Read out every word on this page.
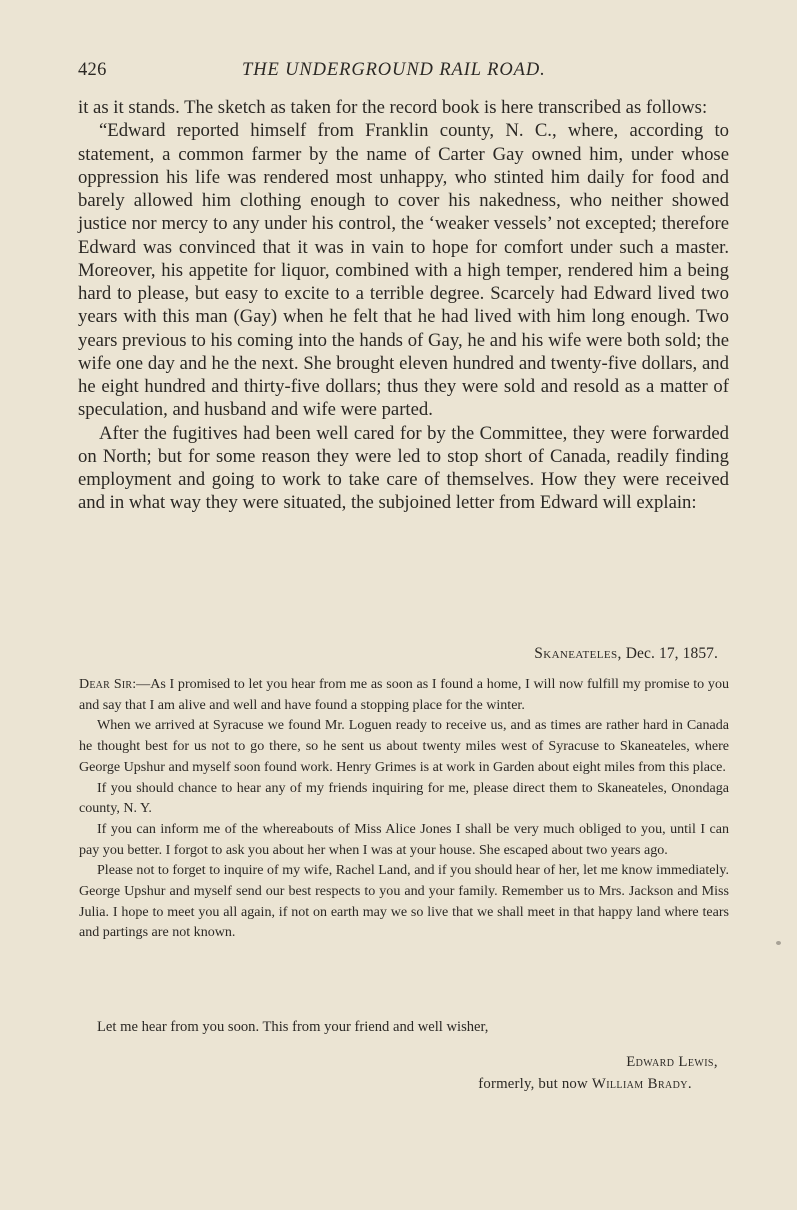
426	THE UNDERGROUND RAIL ROAD.

it as it stands. The sketch as taken for the record book is here transcribed as follows:

“Edward reported himself from Franklin county, N. C., where, according to statement, a common farmer by the name of Carter Gay owned him, under whose oppression his life was rendered most unhappy, who stinted him daily for food and barely allowed him clothing enough to cover his nakedness, who neither showed justice nor mercy to any under his control, the ‘weaker vessels’ not excepted; therefore Edward was convinced that it was in vain to hope for comfort under such a master. Moreover, his appetite for liquor, combined with a high temper, rendered him a being hard to please, but easy to excite to a terrible degree. Scarcely had Edward lived two years with this man (Gay) when he felt that he had lived with him long enough. Two years previous to his coming into the hands of Gay, he and his wife were both sold; the wife one day and he the next. She brought eleven hundred and twenty-five dollars, and he eight hundred and thirty-five dollars; thus they were sold and resold as a matter of speculation, and husband and wife were parted.

After the fugitives had been well cared for by the Committee, they were forwarded on North; but for some reason they were led to stop short of Canada, readily finding employment and going to work to take care of themselves. How they were received and in what way they were situated, the subjoined letter from Edward will explain:

Skaneateles, Dec. 17, 1857.

Dear Sir:—As I promised to let you hear from me as soon as I found a home, I will now fulfill my promise to you and say that I am alive and well and have found a stopping place for the winter.

When we arrived at Syracuse we found Mr. Loguen ready to receive us, and as times are rather hard in Canada he thought best for us not to go there, so he sent us about twenty miles west of Syracuse to Skaneateles, where George Upshur and myself soon found work. Henry Grimes is at work in Garden about eight miles from this place.

If you should chance to hear any of my friends inquiring for me, please direct them to Skaneateles, Onondaga county, N. Y.

If you can inform me of the whereabouts of Miss Alice Jones I shall be very much obliged to you, until I can pay you better. I forgot to ask you about her when I was at your house. She escaped about two years ago.

Please not to forget to inquire of my wife, Rachel Land, and if you should hear of her, let me know immediately. George Upshur and myself send our best respects to you and your family. Remember us to Mrs. Jackson and Miss Julia. I hope to meet you all again, if not on earth may we so live that we shall meet in that happy land where tears and partings are not known.

Let me hear from you soon. This from your friend and well wisher,
Edward Lewis,
formerly, but now William Brady.
